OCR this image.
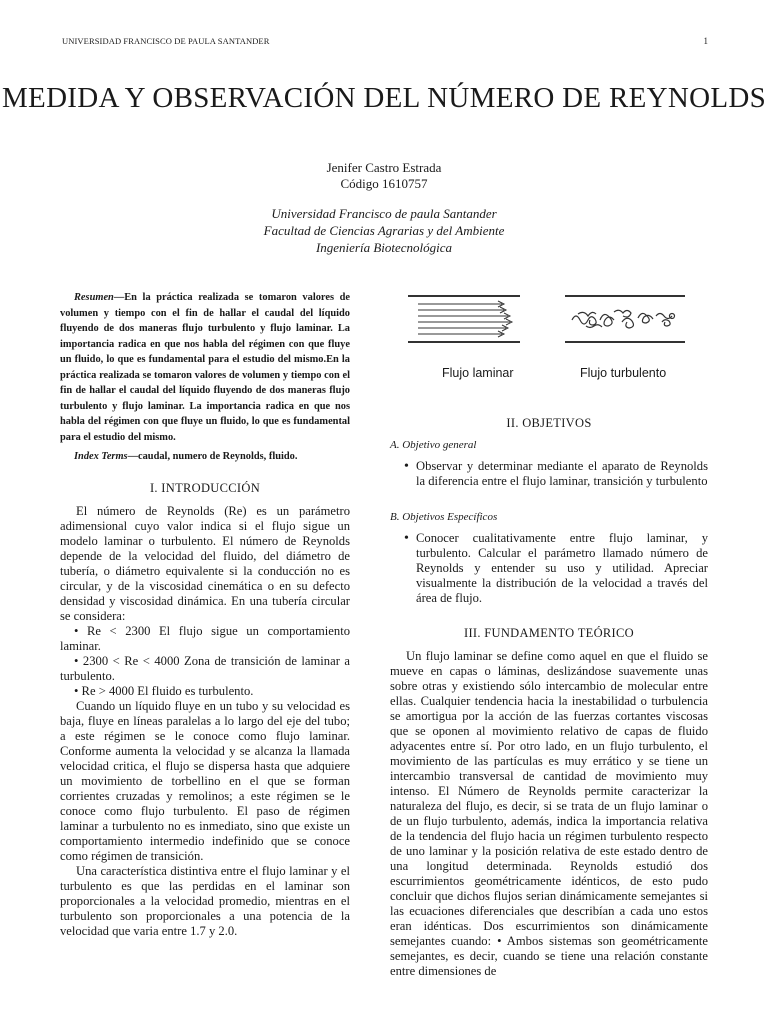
UNIVERSIDAD FRANCISCO DE PAULA SANTANDER	1
MEDIDA Y OBSERVACIÓN DEL NÚMERO DE REYNOLDS
Jenifer Castro Estrada
Código 1610757
Universidad Francisco de paula Santander
Facultad de Ciencias Agrarias y del Ambiente
Ingeniería Biotecnológica

Resumen—En la práctica realizada se tomaron valores de volumen y tiempo con el fin de hallar el caudal del líquido fluyendo de dos maneras flujo turbulento y flujo laminar. La importancia radica en que nos habla del régimen con que fluye un fluido, lo que es fundamental para el estudio del mismo.En la práctica realizada se tomaron valores de volumen y tiempo con el fin de hallar el caudal del líquido fluyendo de dos maneras flujo turbulento y flujo laminar. La importancia radica en que nos habla del régimen con que fluye un fluido, lo que es fundamental para el estudio del mismo.

Index Terms—caudal, numero de Reynolds, fluido.

I. INTRODUCCIÓN

El número de Reynolds (Re) es un parámetro adimensional cuyo valor indica si el flujo sigue un modelo laminar o turbulento. El número de Reynolds depende de la velocidad del fluido, del diámetro de tubería, o diámetro equivalente si la conducción no es circular, y de la viscosidad cinemática o en su defecto densidad y viscosidad dinámica. En una tubería circular se considera:

• Re < 2300 El flujo sigue un comportamiento laminar.

• 2300 < Re < 4000 Zona de transición de laminar a turbulento.

• Re > 4000 El fluido es turbulento.

Cuando un líquido fluye en un tubo y su velocidad es baja, fluye en líneas paralelas a lo largo del eje del tubo; a este régimen se le conoce como flujo laminar. Conforme aumenta la velocidad y se alcanza la llamada velocidad critica, el flujo se dispersa hasta que adquiere un movimiento de torbellino en el que se forman corrientes cruzadas y remolinos; a este régimen se le conoce como flujo turbulento. El paso de régimen laminar a turbulento no es inmediato, sino que existe un comportamiento intermedio indefinido que se conoce como régimen de transición.

Una característica distintiva entre el flujo laminar y el turbulento es que las perdidas en el laminar son proporcionales a la velocidad promedio, mientras en el turbulento son proporcionales a una potencia de la velocidad que varia entre 1.7 y 2.0.

Flujo laminar	Flujo turbulento
II. OBJETIVOS
A. Objetivo general
• Observar y determinar mediante el aparato de Reynolds la diferencia entre el flujo laminar, transición y turbulento
B. Objetivos Específicos
• Conocer cualitativamente entre flujo laminar, y turbulento. Calcular el parámetro llamado número de Reynolds y entender su uso y utilidad. Apreciar visualmente la distribución de la velocidad a través del área de flujo.
III. FUNDAMENTO TEÓRICO

Un flujo laminar se define como aquel en que el fluido se mueve en capas o láminas, deslizándose suavemente unas sobre otras y existiendo sólo intercambio de molecular entre ellas. Cualquier tendencia hacia la inestabilidad o turbulencia se amortigua por la acción de las fuerzas cortantes viscosas que se oponen al movimiento relativo de capas de fluido adyacentes entre sí. Por otro lado, en un flujo turbulento, el movimiento de las partículas es muy errático y se tiene un intercambio transversal de cantidad de movimiento muy intenso. El Número de Reynolds permite caracterizar la naturaleza del flujo, es decir, si se trata de un flujo laminar o de un flujo turbulento, además, indica la importancia relativa de la tendencia del flujo hacia un régimen turbulento respecto de uno laminar y la posición relativa de este estado dentro de una longitud determinada. Reynolds estudió dos escurrimientos geométricamente idénticos, de esto pudo concluir que dichos flujos serian dinámicamente semejantes si las ecuaciones diferenciales que describían a cada uno estos eran idénticas. Dos escurrimientos son dinámicamente semejantes cuando: • Ambos sistemas son geométricamente semejantes, es decir, cuando se tiene una relación constante entre dimensiones de
